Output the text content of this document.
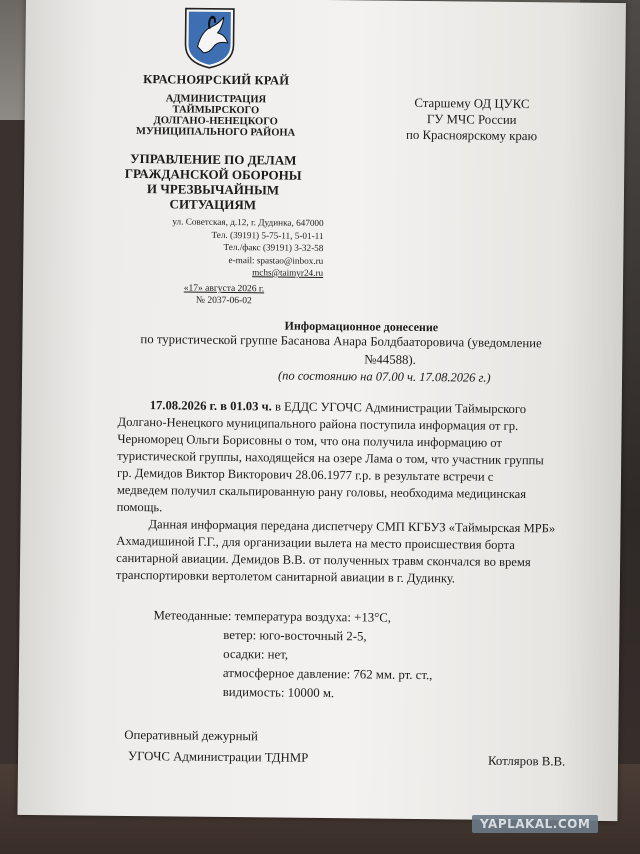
КРАСНОЯРСКИЙ КРАЙ
АДМИНИСТРАЦИЯ
ТАЙМЫРСКОГО
ДОЛГАНО-НЕНЕЦКОГО
МУНИЦИПАЛЬНОГО РАЙОНА
УПРАВЛЕНИЕ ПО ДЕЛАМ
ГРАЖДАНСКОЙ ОБОРОНЫ
И ЧРЕЗВЫЧАЙНЫМ
СИТУАЦИЯМ
ул. Советская, д.12, г. Дудинка, 647000
Тел. (39191) 5-75-11, 5-01-11
Тел./факс (39191) 3-32-58
e-mail: spastao@inbox.ru
mchs@taimyr24.ru
«17» августа 2026 г.
№ 2037-06-02
Старшему ОД ЦУКС
ГУ МЧС России
по Красноярскому краю
Информационное донесение
по туристической группе Басанова Анара Болдбаaторовича (уведомление
№44588).
(по состоянию на 07.00 ч. 17.08.2026 г.)

17.08.2026 г. в 01.03 ч. в ЕДДС УГОЧС Администрации Таймырского
Долгано-Ненецкого муниципального района поступила информация от гр.
Черноморец Ольги Борисовны о том, что она получила информацию от
туристической группы, находящейся на озере Лама о том, что участник группы
гр. Демидов Виктор Викторович 28.06.1977 г.р. в результате встречи с
медведем получил скальпированную рану головы, необходима медицинская
помощь.

Данная информация передана диспетчеру СМП КГБУЗ «Таймырская МРБ»
Ахмадишиной Г.Г., для организации вылета на место происшествия борта
санитарной авиации. Демидов В.В. от полученных травм скончался во время
транспортировки вертолетом санитарной авиации в г. Дудинку.

Метеоданные: температура воздуха: +13°С,
ветер: юго-восточный 2-5,
осадки: нет,
атмосферное давление: 762 мм. рт. ст.,
видимость: 10000 м.
Оперативный дежурный
УГОЧС Администрации ТДНМР	Котляров В.В.
YAPLAKAL.COM
